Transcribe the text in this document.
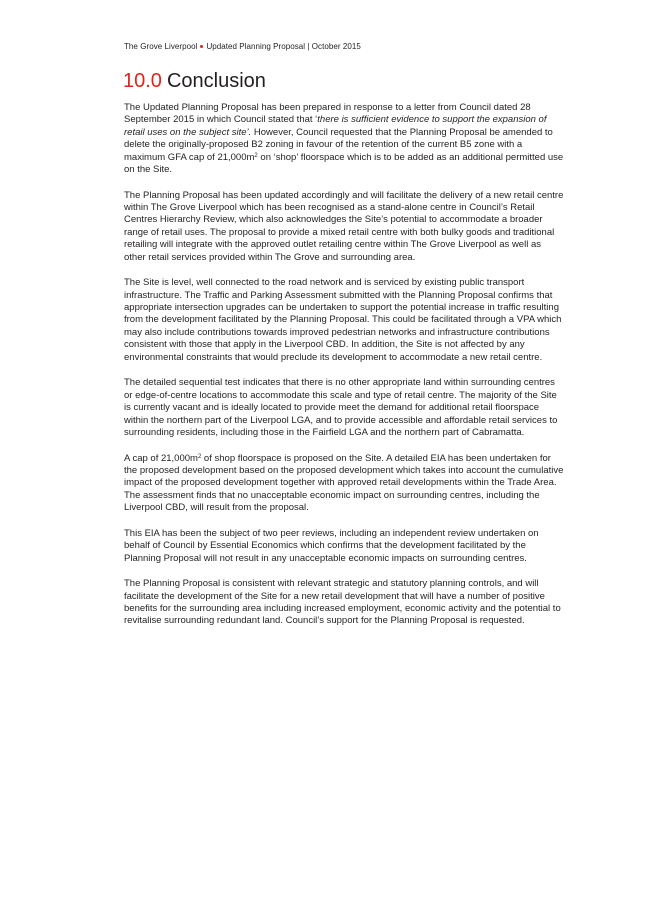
The Grove Liverpool Updated Planning Proposal | October 2015
10.0 Conclusion

The Updated Planning Proposal has been prepared in response to a letter from Council dated 28 September 2015 in which Council stated that ‘there is sufficient evidence to support the expansion of retail uses on the subject site’. However, Council requested that the Planning Proposal be amended to delete the originally-proposed B2 zoning in favour of the retention of the current B5 zone with a maximum GFA cap of $21,000m^2$ on ‘shop’ floorspace which is to be added as an additional permitted use on the Site.

The Planning Proposal has been updated accordingly and will facilitate the delivery of a new retail centre within The Grove Liverpool which has been recognised as a stand-alone centre in Council’s Retail Centres Hierarchy Review, which also acknowledges the Site’s potential to accommodate a broader range of retail uses. The proposal to provide a mixed retail centre with both bulky goods and traditional retailing will integrate with the approved outlet retailing centre within The Grove Liverpool as well as other retail services provided within The Grove and surrounding area.

The Site is level, well connected to the road network and is serviced by existing public transport infrastructure. The Traffic and Parking Assessment submitted with the Planning Proposal confirms that appropriate intersection upgrades can be undertaken to support the potential increase in traffic resulting from the development facilitated by the Planning Proposal. This could be facilitated through a VPA which may also include contributions towards improved pedestrian networks and infrastructure contributions consistent with those that apply in the Liverpool CBD. In addition, the Site is not affected by any environmental constraints that would preclude its development to accommodate a new retail centre.

The detailed sequential test indicates that there is no other appropriate land within surrounding centres or edge-of-centre locations to accommodate this scale and type of retail centre. The majority of the Site is currently vacant and is ideally located to provide meet the demand for additional retail floorspace within the northern part of the Liverpool LGA, and to provide accessible and affordable retail services to surrounding residents, including those in the Fairfield LGA and the northern part of Cabramatta.

A cap of $21,000m^2$ of shop floorspace is proposed on the Site. A detailed EIA has been undertaken for the proposed development based on the proposed development which takes into account the cumulative impact of the proposed development together with approved retail developments within the Trade Area. The assessment finds that no unacceptable economic impact on surrounding centres, including the Liverpool CBD, will result from the proposal.

This EIA has been the subject of two peer reviews, including an independent review undertaken on behalf of Council by Essential Economics which confirms that the development facilitated by the Planning Proposal will not result in any unacceptable economic impacts on surrounding centres.

The Planning Proposal is consistent with relevant strategic and statutory planning controls, and will facilitate the development of the Site for a new retail development that will have a number of positive benefits for the surrounding area including increased employment, economic activity and the potential to revitalise surrounding redundant land. Council’s support for the Planning Proposal is requested.
